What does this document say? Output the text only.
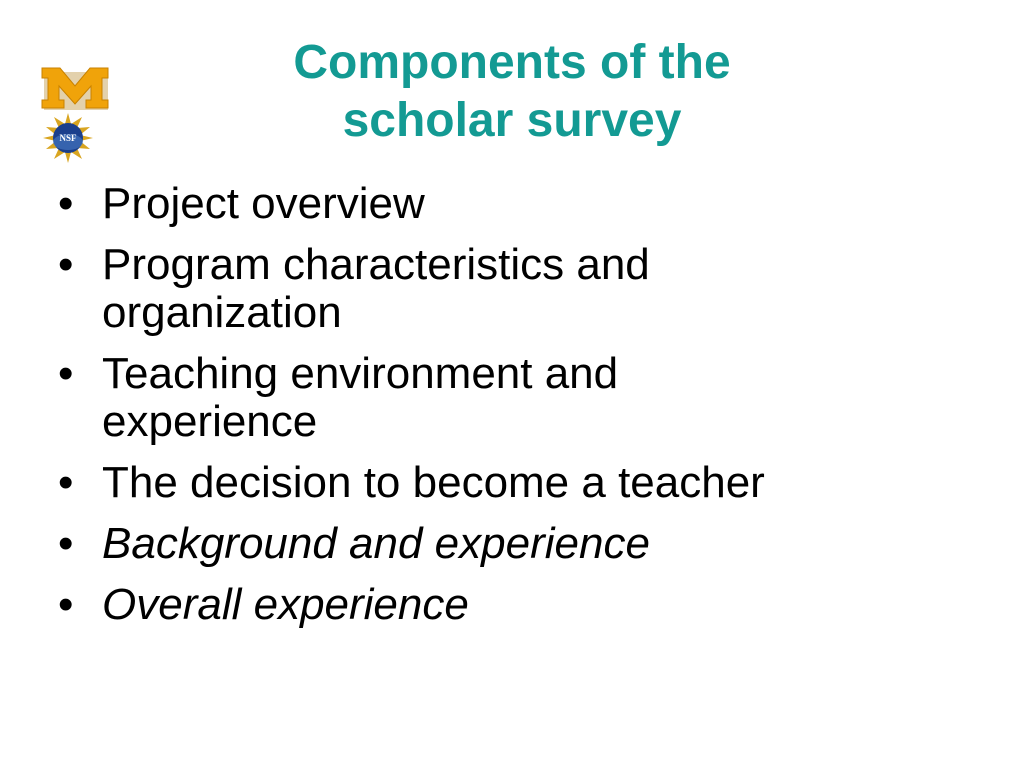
NSF
Components of the
scholar survey
• Project overview
• Program characteristics and organization
• Teaching environment and experience
• The decision to become a teacher
• Background and experience
• Overall experience
